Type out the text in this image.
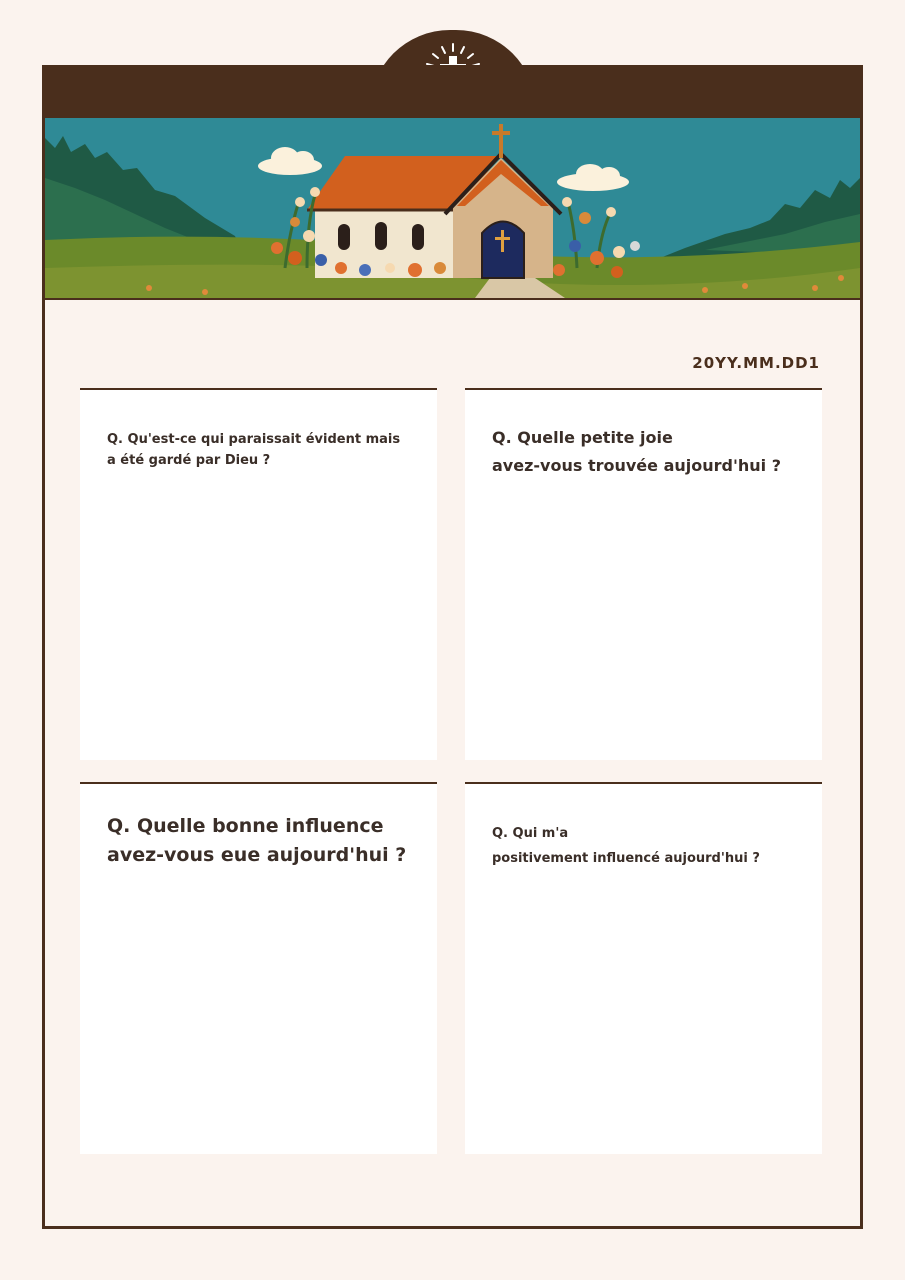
20YY.MM.DD1
Q. Qu'est-ce qui paraissait évident mais
a été gardé par Dieu ?
Q. Quelle petite joie
avez-vous trouvée aujourd'hui ?
Q. Quelle bonne influence
avez-vous eue aujourd'hui ?
Q. Qui m'a
positivement influencé aujourd'hui ?
